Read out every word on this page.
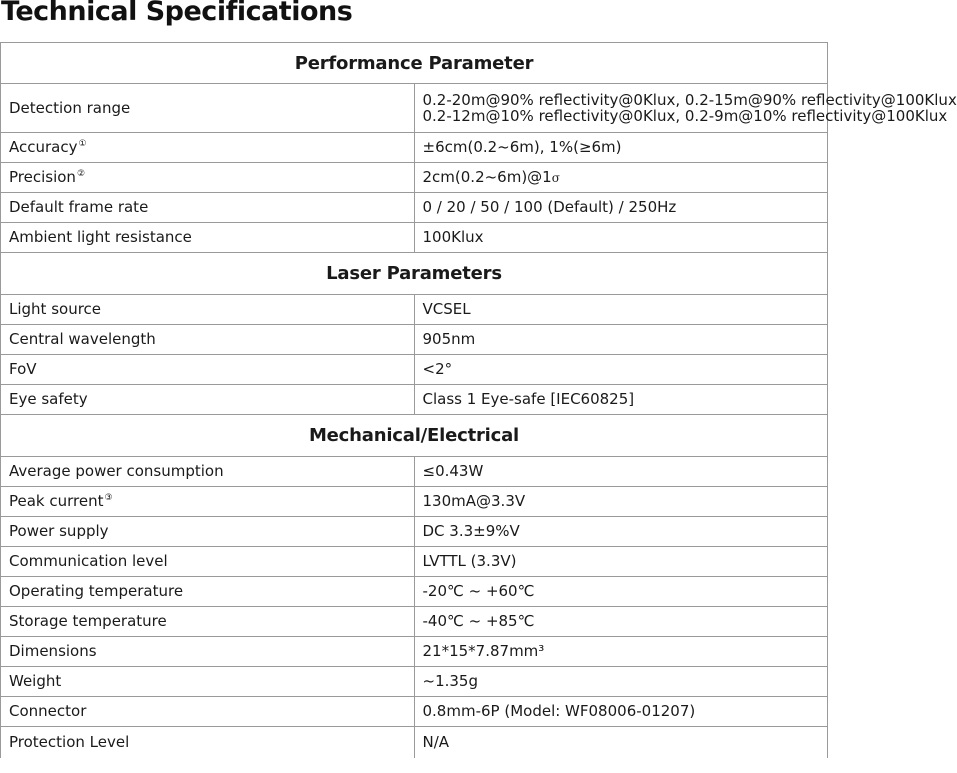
Technical Specifications
Performance Parameter	
Detection range	0.2-20m@90% reflectivity@0Klux, 0.2-15m@90% reflectivity@100Klux
0.2-12m@10% reflectivity@0Klux, 0.2-9m@10% reflectivity@100Klux

Accuracy①	±6cm(0.2~6m), 1%(≥6m)
Precision②	2cm(0.2~6m)@1σ
Default frame rate	0 / 20 / 50 / 100 (Default) / 250Hz
Ambient light resistance	100Klux
Laser Parameters	
Light source	VCSEL
Central wavelength	905nm
FoV	<2°
Eye safety	Class 1 Eye-safe [IEC60825]
Mechanical/Electrical	
Average power consumption	≤0.43W
Peak current③	130mA@3.3V
Power supply	DC 3.3±9%V
Communication level	LVTTL (3.3V)
Operating temperature	-20℃ ~ +60℃
Storage temperature	-40℃ ~ +85℃
Dimensions	21*15*7.87mm³
Weight	~1.35g
Connector	0.8mm-6P (Model: WF08006-01207)
Protection Level	N/A
